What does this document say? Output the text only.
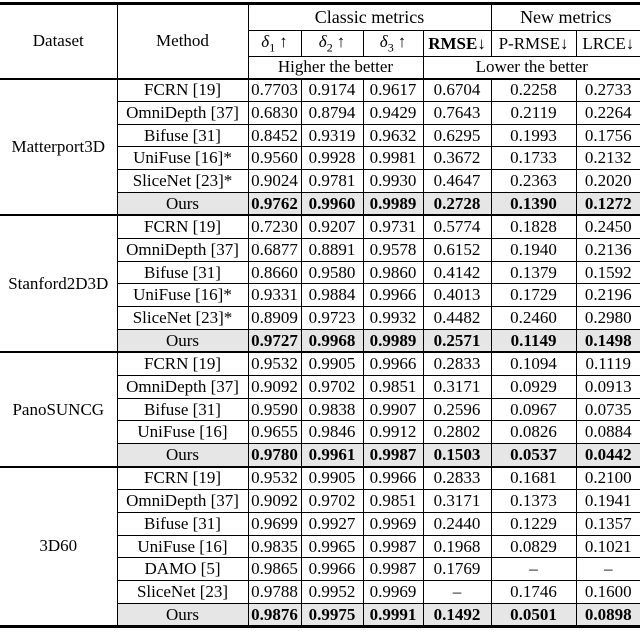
Dataset	Method	Classic metrics				New metrics	
		$\delta_1$ ↑	$\delta_2$ ↑	$\delta_3$ ↑	RMSE↓	P-RMSE↓	LRCE↓
		Higher the better			Lower the better		
Matterport3D	FCRN [19]	0.7703	0.9174	0.9617	0.6704	0.2258	0.2733
	OmniDepth [37]	0.6830	0.8794	0.9429	0.7643	0.2119	0.2264
	Bifuse [31]	0.8452	0.9319	0.9632	0.6295	0.1993	0.1756
	UniFuse [16]*	0.9560	0.9928	0.9981	0.3672	0.1733	0.2132
	SliceNet [23]*	0.9024	0.9781	0.9930	0.4647	0.2363	0.2020
	Ours	0.9762	0.9960	0.9989	0.2728	0.1390	0.1272
Stanford2D3D	FCRN [19]	0.7230	0.9207	0.9731	0.5774	0.1828	0.2450
	OmniDepth [37]	0.6877	0.8891	0.9578	0.6152	0.1940	0.2136
	Bifuse [31]	0.8660	0.9580	0.9860	0.4142	0.1379	0.1592
	UniFuse [16]*	0.9331	0.9884	0.9966	0.4013	0.1729	0.2196
	SliceNet [23]*	0.8909	0.9723	0.9932	0.4482	0.2460	0.2980
	Ours	0.9727	0.9968	0.9989	0.2571	0.1149	0.1498
PanoSUNCG	FCRN [19]	0.9532	0.9905	0.9966	0.2833	0.1094	0.1119
	OmniDepth [37]	0.9092	0.9702	0.9851	0.3171	0.0929	0.0913
	Bifuse [31]	0.9590	0.9838	0.9907	0.2596	0.0967	0.0735
	UniFuse [16]	0.9655	0.9846	0.9912	0.2802	0.0826	0.0884
	Ours	0.9780	0.9961	0.9987	0.1503	0.0537	0.0442
3D60	FCRN [19]	0.9532	0.9905	0.9966	0.2833	0.1681	0.2100
	OmniDepth [37]	0.9092	0.9702	0.9851	0.3171	0.1373	0.1941
	Bifuse [31]	0.9699	0.9927	0.9969	0.2440	0.1229	0.1357
	UniFuse [16]	0.9835	0.9965	0.9987	0.1968	0.0829	0.1021
	DAMO [5]	0.9865	0.9966	0.9987	0.1769	–	–
	SliceNet [23]	0.9788	0.9952	0.9969	–	0.1746	0.1600
	Ours	0.9876	0.9975	0.9991	0.1492	0.0501	0.0898
